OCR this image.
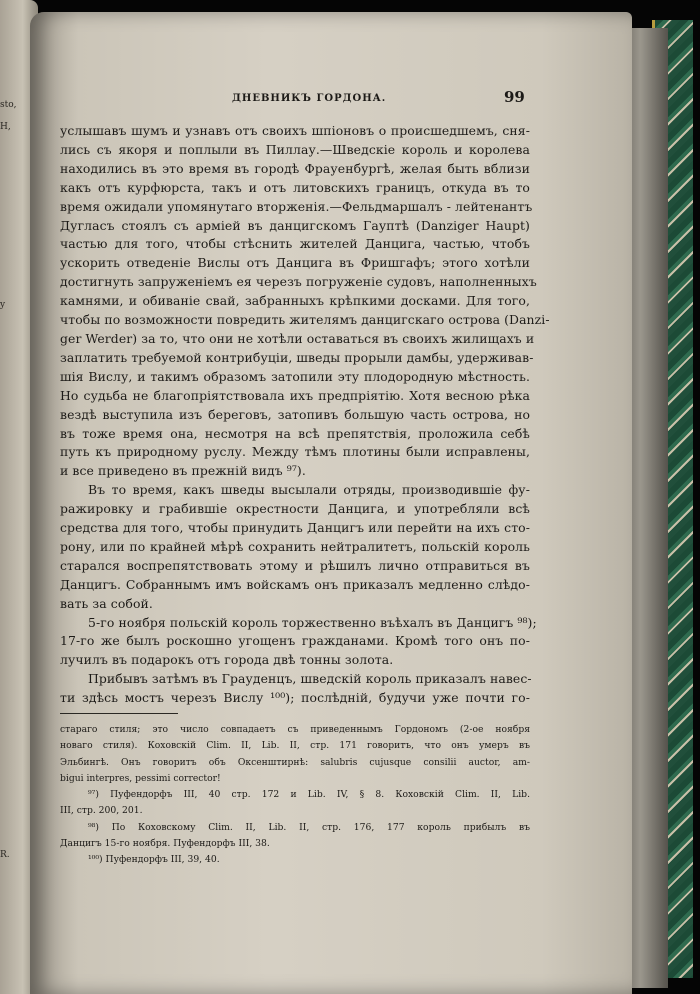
sto,
H,
y
R.
ДНЕВНИКЪ ГОРДОНА.	99
услышавъ шумъ и узнавъ отъ своихъ шпіоновъ о происшедшемъ, сня-
лись съ якоря и поплыли въ Пиллау.—Шведскіе король и королева
находились въ это время въ городѣ Фрауенбургѣ, желая быть вблизи
какъ отъ курфюрста, такъ и отъ литовскихъ границъ, откуда въ то
время ожидали упомянутаго вторженія.—Фельдмаршалъ - лейтенантъ
Дугласъ стоялъ съ арміей въ данцигскомъ Гауптѣ (Danziger Haupt)
частью для того, чтобы стѣснить жителей Данцига, частью, чтобъ
ускорить отведеніе Вислы отъ Данцига въ Фришгафъ; этого хотѣли
достигнуть запруженіемъ ея черезъ погруженіе судовъ, наполненныхъ
камнями, и обиваніе свай, забранныхъ крѣпкими досками. Для того,
чтобы по возможности повредить жителямъ данцигскаго острова (Danzi-
ger Werder) за то, что они не хотѣли оставаться въ своихъ жилищахъ и
заплатить требуемой контрибуціи, шведы прорыли дамбы, удерживав-
шія Вислу, и такимъ образомъ затопили эту плодородную мѣстность.
Но судьба не благопріятствовала ихъ предпріятію. Хотя весною рѣка
вездѣ выступила изъ береговъ, затопивъ большую часть острова, но
въ тоже время она, несмотря на всѣ препятствія, проложила себѣ
путь къ природному руслу. Между тѣмъ плотины были исправлены,
и все приведено въ прежній видъ ⁹⁷).
Въ то время, какъ шведы высылали отряды, производившіе фу-
ражировку и грабившіе окрестности Данцига, и употребляли всѣ
средства для того, чтобы принудить Данцигъ или перейти на ихъ сто-
рону, или по крайней мѣрѣ сохранить нейтралитетъ, польскій король
старался воспрепятствовать этому и рѣшилъ лично отправиться въ
Данцигъ. Собраннымъ имъ войскамъ онъ приказалъ медленно слѣдо-
вать за собой.
5-го ноября польскій король торжественно въѣхалъ въ Данцигъ ⁹⁸);
17-го же былъ роскошно угощенъ гражданами. Кромѣ того онъ по-
лучилъ въ подарокъ отъ города двѣ тонны золота.
Прибывъ затѣмъ въ Грауденцъ, шведскій король приказалъ навес-
ти здѣсь мостъ черезъ Вислу ¹⁰⁰); послѣдній, будучи уже почти го-
стараго стиля; это число совпадаетъ съ приведеннымъ Гордономъ (2-ое ноября
новаго стиля). Коховскій Clim. II, Lib. II, стр. 171 говоритъ, что онъ умеръ въ
Эльбингѣ. Онъ говоритъ объ Оксенштирнѣ: salubris cujusque consilii auctor, am-
bigui interpres, pessimi corrector!
⁹⁷) Пуфендорфъ III, 40 стр. 172 и Lib. IV, § 8. Коховскій Clim. II, Lib.
III, стр. 200, 201.
⁹⁸) По Коховскому Clim. II, Lib. II, стр. 176, 177 король прибылъ въ
Данцигъ 15-го ноября. Пуфендорфъ III, 38.
¹⁰⁰) Пуфендорфъ III, 39, 40.
